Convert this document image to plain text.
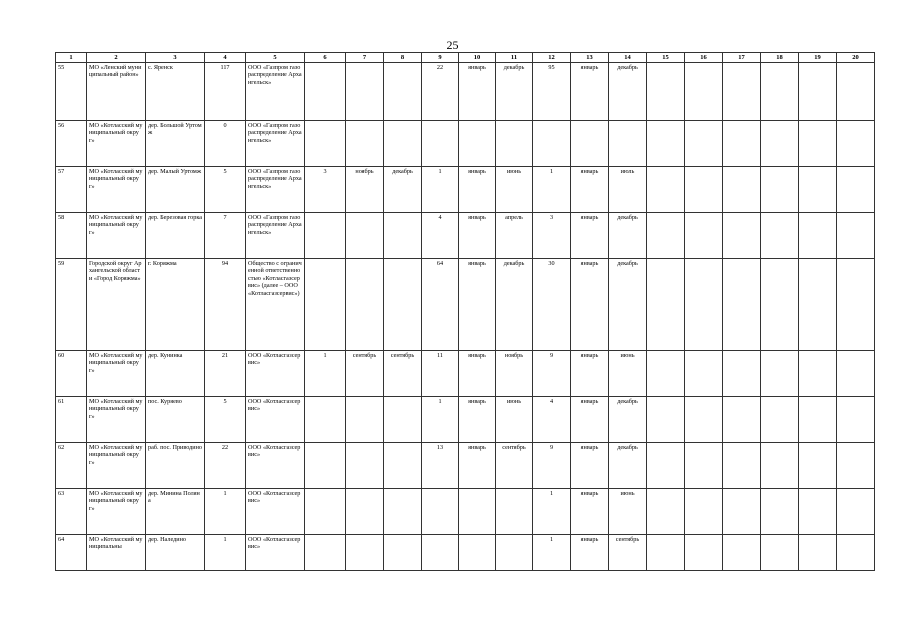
25
1	2	3	4	5	6	7	8	9	10	11	12	13	14	15	16	17	18	19	20
55	МО «Ленский муниципальный район»	с. Яренск	117	ООО «Газпром газораспределение Архангельск»				22	январь	декабрь	95	январь	декабрь						
56	МО «Котласский муниципальный округ»	дер. Большой Уртомж	0	ООО «Газпром газораспределение Архангельск»															
57	МО «Котласский муниципальный округ»	дер. Малый Уртомж	5	ООО «Газпром газораспределение Архангельск»	3	ноябрь	декабрь	1	январь	июнь	1	январь	июль						
58	МО «Котласский муниципальный округ»	дер. Березовая горка	7	ООО «Газпром газораспределение Архангельск»				4	январь	апрель	3	январь	декабрь						
59	Городской округ Архангельской области «Город Коряжма»	г. Коряжма	94	Общество с ограниченной ответственностью «Котласгазсервис» (далее – ООО «Котласгазсервис»)				64	январь	декабрь	30	январь	декабрь						
60	МО «Котласский муниципальный округ»	дер. Кунинка	21	ООО «Котласгазсервис»	1	сентябрь	сентябрь	11	январь	ноябрь	9	январь	июнь						
61	МО «Котласский муниципальный округ»	пос. Куряево	5	ООО «Котласгазсервис»				1	январь	июнь	4	январь	декабрь						
62	МО «Котласский муниципальный округ»	раб. пос. Приводино	22	ООО «Котласгазсервис»				13	январь	сентябрь	9	январь	декабрь						
63	МО «Котласский муниципальный округ»	дер. Минина Поляна	1	ООО «Котласгазсервис»							1	январь	июнь						
64	МО «Котласский муниципальны	дер. Наледино	1	ООО «Котласгазсервис»							1	январь	сентябрь						
